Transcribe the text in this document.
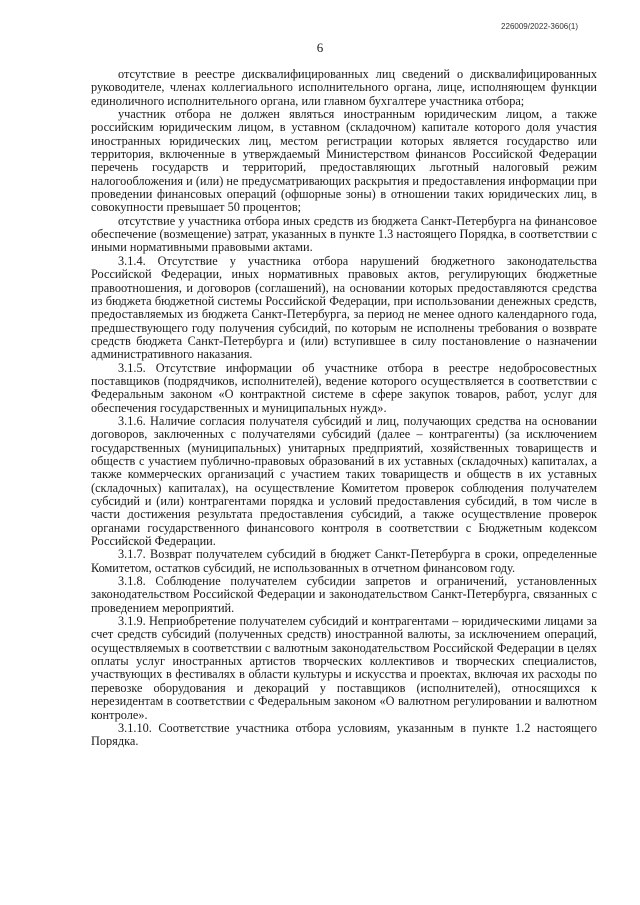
226009/2022-3606(1)
6

отсутствие в реестре дисквалифицированных лиц сведений о дисквалифицированных руководителе, членах коллегиального исполнительного органа, лице, исполняющем функции единоличного исполнительного органа, или главном бухгалтере участника отбора;

участник отбора не должен являться иностранным юридическим лицом, а также российским юридическим лицом, в уставном (складочном) капитале которого доля участия иностранных юридических лиц, местом регистрации которых является государство или территория, включенные в утверждаемый Министерством финансов Российской Федерации перечень государств и территорий, предоставляющих льготный налоговый режим налогообложения и (или) не предусматривающих раскрытия и предоставления информации при проведении финансовых операций (офшорные зоны) в отношении таких юридических лиц, в совокупности превышает 50 процентов;

отсутствие у участника отбора иных средств из бюджета Санкт-Петербурга на финансовое обеспечение (возмещение) затрат, указанных в пункте 1.3 настоящего Порядка, в соответствии с иными нормативными правовыми актами.

3.1.4. Отсутствие у участника отбора нарушений бюджетного законодательства Российской Федерации, иных нормативных правовых актов, регулирующих бюджетные правоотношения, и договоров (соглашений), на основании которых предоставляются средства из бюджета бюджетной системы Российской Федерации, при использовании денежных средств, предоставляемых из бюджета Санкт-Петербурга, за период не менее одного календарного года, предшествующего году получения субсидий, по которым не исполнены требования о возврате средств бюджета Санкт-Петербурга и (или) вступившее в силу постановление о назначении административного наказания.

3.1.5. Отсутствие информации об участнике отбора в реестре недобросовестных поставщиков (подрядчиков, исполнителей), ведение которого осуществляется в соответствии с Федеральным законом «О контрактной системе в сфере закупок товаров, работ, услуг для обеспечения государственных и муниципальных нужд».

3.1.6. Наличие согласия получателя субсидий и лиц, получающих средства на основании договоров, заключенных с получателями субсидий (далее – контрагенты) (за исключением государственных (муниципальных) унитарных предприятий, хозяйственных товариществ и обществ с участием публично-правовых образований в их уставных (складочных) капиталах, а также коммерческих организаций с участием таких товариществ и обществ в их уставных (складочных) капиталах), на осуществление Комитетом проверок соблюдения получателем субсидий и (или) контрагентами порядка и условий предоставления субсидий, в том числе в части достижения результата предоставления субсидий, а также осуществление проверок органами государственного финансового контроля в соответствии с Бюджетным кодексом Российской Федерации.

3.1.7. Возврат получателем субсидий в бюджет Санкт-Петербурга в сроки, определенные Комитетом, остатков субсидий, не использованных в отчетном финансовом году.

3.1.8. Соблюдение получателем субсидии запретов и ограничений, установленных законодательством Российской Федерации и законодательством Санкт-Петербурга, связанных с проведением мероприятий.

3.1.9. Неприобретение получателем субсидий и контрагентами – юридическими лицами за счет средств субсидий (полученных средств) иностранной валюты, за исключением операций, осуществляемых в соответствии с валютным законодательством Российской Федерации в целях оплаты услуг иностранных артистов творческих коллективов и творческих специалистов, участвующих в фестивалях в области культуры и искусства и проектах, включая их расходы по перевозке оборудования и декораций у поставщиков (исполнителей), относящихся к нерезидентам в соответствии с Федеральным законом «О валютном регулировании и валютном контроле».

3.1.10. Соответствие участника отбора условиям, указанным в пункте 1.2 настоящего Порядка.
